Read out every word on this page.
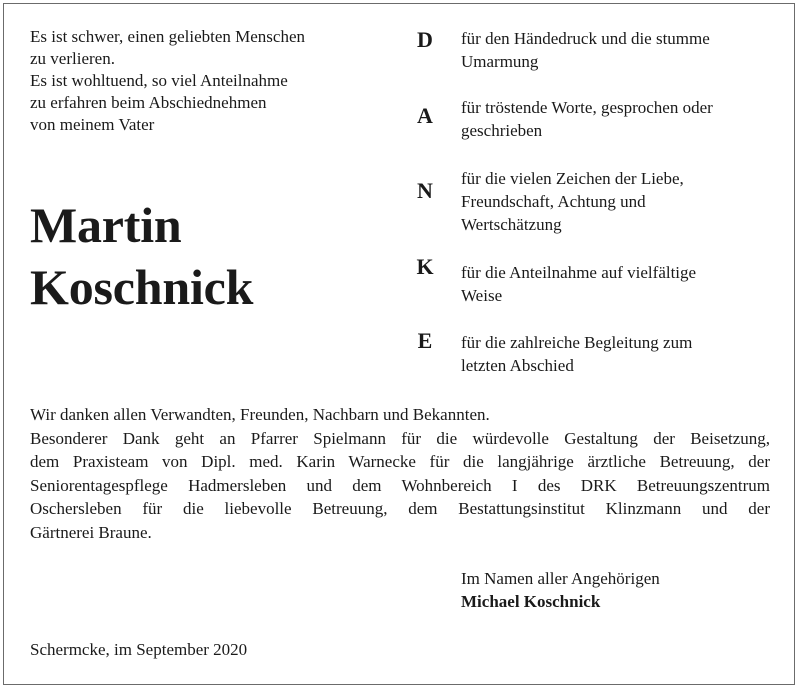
Es ist schwer, einen geliebten Menschen
zu verlieren.
Es ist wohltuend, so viel Anteilnahme
zu erfahren beim Abschiednehmen
von meinem Vater
Martin
Koschnick
D für den Händedruck und die stumme
Umarmung
A für tröstende Worte, gesprochen oder
geschrieben
N für die vielen Zeichen der Liebe,
Freundschaft, Achtung und
Wertschätzung
K für die Anteilnahme auf vielfältige
Weise
E für die zahlreiche Begleitung zum
letzten Abschied
Wir danken allen Verwandten, Freunden, Nachbarn und Bekannten.
Besonderer Dank geht an Pfarrer Spielmann für die würdevolle Gestaltung der Beisetzung,
dem Praxisteam von Dipl. med. Karin Warnecke für die langjährige ärztliche Betreuung, der
Seniorentagespflege Hadmersleben und dem Wohnbereich I des DRK Betreuungszentrum
Oschersleben für die liebevolle Betreuung, dem Bestattungsinstitut Klinzmann und der
Gärtnerei Braune.
Im Namen aller Angehörigen
Michael Koschnick
Schermcke, im September 2020
